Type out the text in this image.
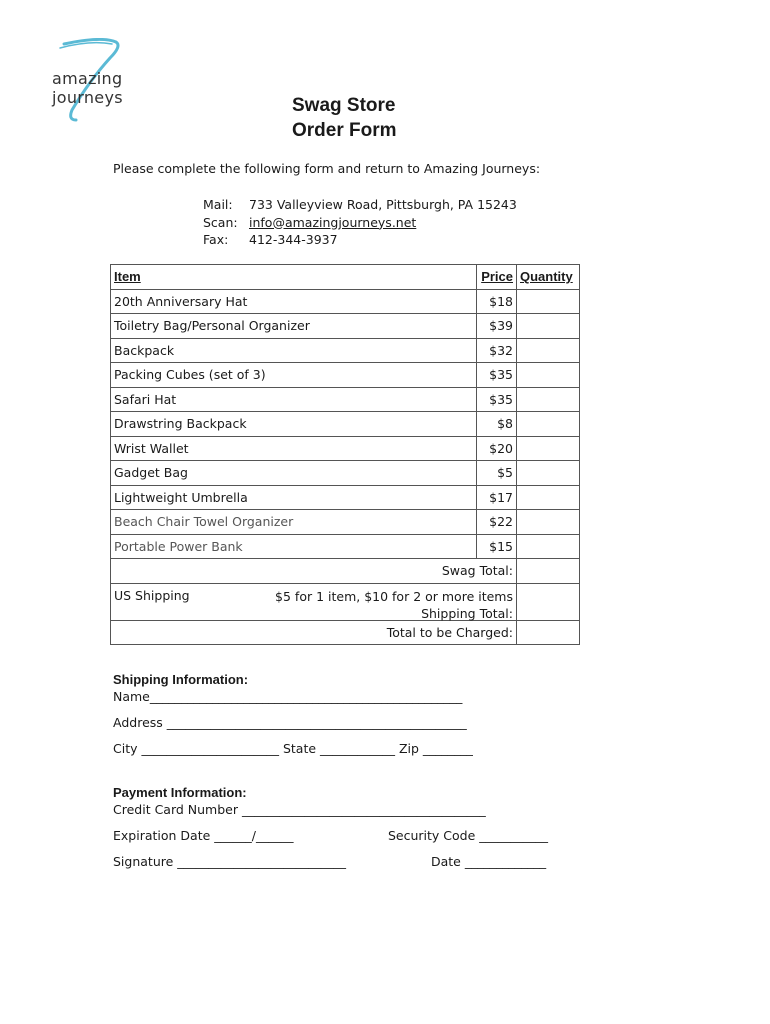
amazing journeys	Swag Store
Order Form
Please complete the following form and return to Amazing Journeys:
Mail:	733 Valleyview Road, Pittsburgh, PA 15243
Scan: info@amazingjourneys.net
Fax:	412-344-3937
Item	Price	Quantity
20th Anniversary Hat	$18	
Toiletry Bag/Personal Organizer	$39	
Backpack	$32	
Packing Cubes (set of 3)	$35	
Safari Hat	$35	
Drawstring Backpack	$8	
Wrist Wallet	$20	
Gadget Bag	$5	
Lightweight Umbrella	$17	
Beach Chair Towel Organizer	$22	
Portable Power Bank	$15	
Swag Total:		

US Shipping $5 for 1 item, $10 for 2 or more items
Shipping Total:		

Total to be Charged:		
Shipping Information:
Name__________________________________________________
Address ________________________________________________
City ______________________ State ____________ Zip ________
Payment Information:
Credit Card Number _______________________________________
Expiration Date ______/______	Security Code ___________
Signature ___________________________	Date _____________
